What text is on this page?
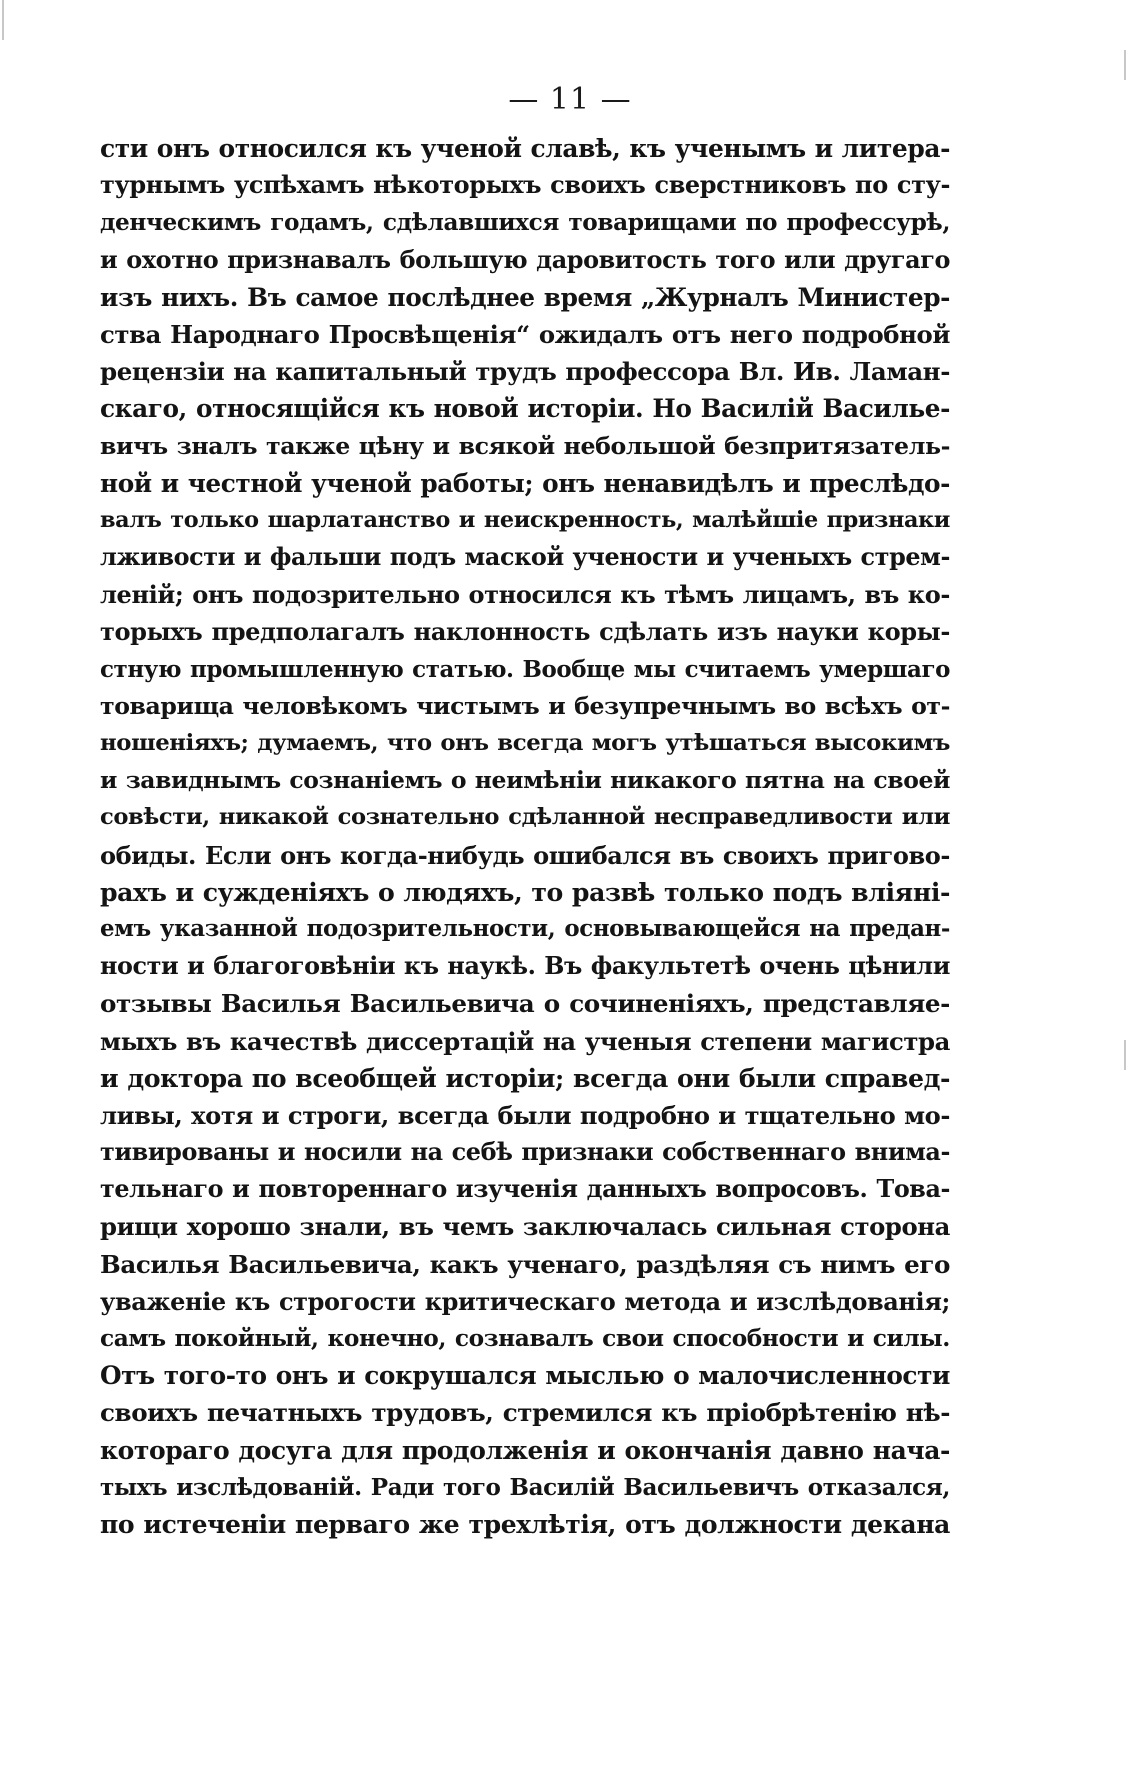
— 11 —
сти онъ относился къ ученой славѣ, къ ученымъ и литера-
турнымъ успѣхамъ нѣкоторыхъ своихъ сверстниковъ по сту-
денческимъ годамъ, сдѣлавшихся товарищами по профессурѣ,
и охотно признавалъ большую даровитость того или другаго
изъ нихъ. Въ самое послѣднее время „Журналъ Министер-
ства Народнаго Просвѣщенія“ ожидалъ отъ него подробной
рецензіи на капитальный трудъ профессора Вл. Ив. Ламан-
скаго, относящійся къ новой исторіи. Но Василій Василье-
вичъ зналъ также цѣну и всякой небольшой безпритязатель-
ной и честной ученой работы; онъ ненавидѣлъ и преслѣдо-
валъ только шарлатанство и неискренность, малѣйшіе признаки
лживости и фальши подъ маской учености и ученыхъ стрем-
леній; онъ подозрительно относился къ тѣмъ лицамъ, въ ко-
торыхъ предполагалъ наклонность сдѣлать изъ науки коры-
стную промышленную статью. Вообще мы считаемъ умершаго
товарища человѣкомъ чистымъ и безупречнымъ во всѣхъ от-
ношеніяхъ; думаемъ, что онъ всегда могъ утѣшаться высокимъ
и завиднымъ сознаніемъ о неимѣніи никакого пятна на своей
совѣсти, никакой сознательно сдѣланной несправедливости или
обиды. Если онъ когда-нибудь ошибался въ своихъ пригово-
рахъ и сужденіяхъ о людяхъ, то развѣ только подъ вліяні-
емъ указанной подозрительности, основывающейся на предан-
ности и благоговѣніи къ наукѣ. Въ факультетѣ очень цѣнили
отзывы Василья Васильевича о сочиненіяхъ, представляе-
мыхъ въ качествѣ диссертацій на ученыя степени магистра
и доктора по всеобщей исторіи; всегда они были справед-
ливы, хотя и строги, всегда были подробно и тщательно мо-
тивированы и носили на себѣ признаки собственнаго внима-
тельнаго и повтореннаго изученія данныхъ вопросовъ. Това-
рищи хорошо знали, въ чемъ заключалась сильная сторона
Василья Васильевича, какъ ученаго, раздѣляя съ нимъ его
уваженіе къ строгости критическаго метода и изслѣдованія;
самъ покойный, конечно, сознавалъ свои способности и силы.
Отъ того-то онъ и сокрушался мыслью о малочисленности
своихъ печатныхъ трудовъ, стремился къ пріобрѣтенію нѣ-
котораго досуга для продолженія и окончанія давно нача-
тыхъ изслѣдованій. Ради того Василій Васильевичъ отказался,
по истеченіи перваго же трехлѣтія, отъ должности декана
